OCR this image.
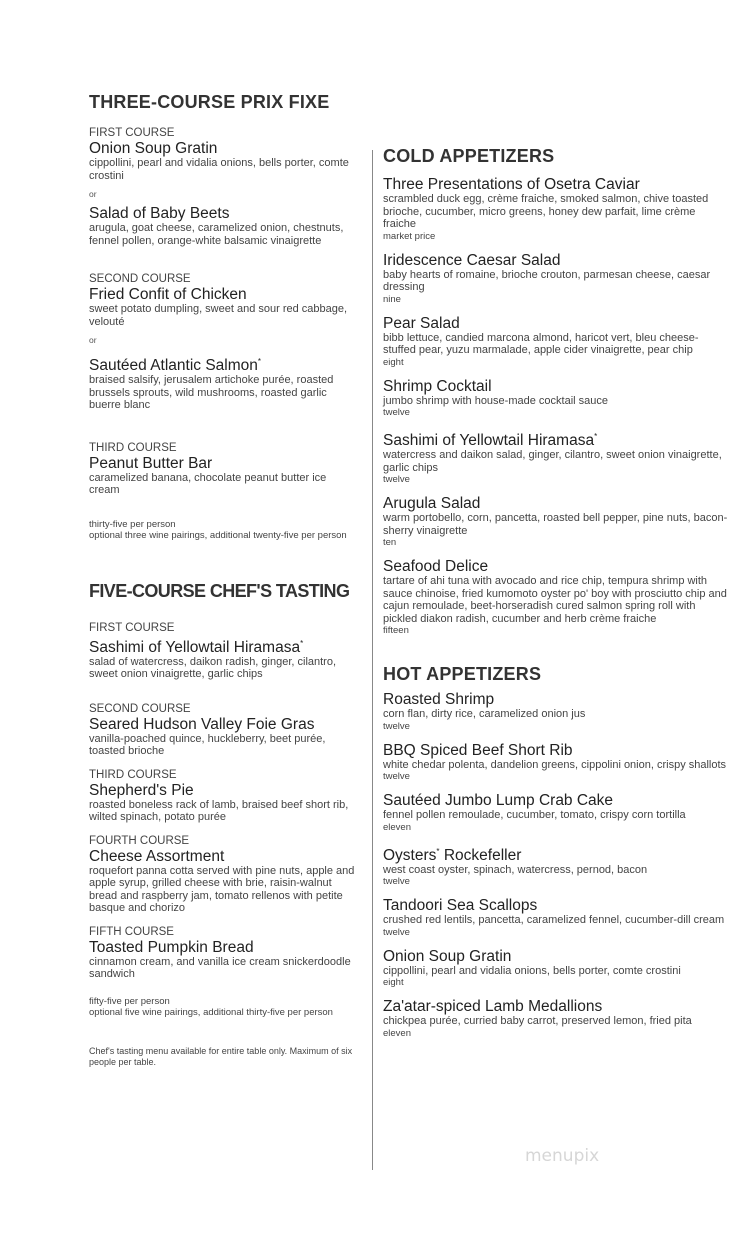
THREE-COURSE PRIX FIXE
FIRST COURSE
Onion Soup Gratin
cippollini, pearl and vidalia onions, bells porter, comte crostini
or
Salad of Baby Beets
arugula, goat cheese, caramelized onion, chestnuts, fennel pollen, orange-white balsamic vinaigrette
SECOND COURSE
Fried Confit of Chicken
sweet potato dumpling, sweet and sour red cabbage, velouté
or
Sautéed Atlantic Salmon*
braised salsify, jerusalem artichoke purée, roasted brussels sprouts, wild mushrooms, roasted garlic buerre blanc
THIRD COURSE
Peanut Butter Bar
caramelized banana, chocolate peanut butter ice cream
thirty-five per person
optional three wine pairings, additional twenty-five per person
FIVE-COURSE CHEF'S TASTING
FIRST COURSE
Sashimi of Yellowtail Hiramasa*
salad of watercress, daikon radish, ginger, cilantro, sweet onion vinaigrette, garlic chips
SECOND COURSE
Seared Hudson Valley Foie Gras
vanilla-poached quince, huckleberry, beet purée, toasted brioche
THIRD COURSE
Shepherd's Pie
roasted boneless rack of lamb, braised beef short rib, wilted spinach, potato purée
FOURTH COURSE
Cheese Assortment
roquefort panna cotta served with pine nuts, apple and apple syrup, grilled cheese with brie, raisin-walnut bread and raspberry jam, tomato rellenos with petite basque and chorizo
FIFTH COURSE
Toasted Pumpkin Bread
cinnamon cream, and vanilla ice cream snickerdoodle sandwich
fifty-five per person
optional five wine pairings, additional thirty-five per person
Chef's tasting menu available for entire table only. Maximum of six people per table.
COLD APPETIZERS
Three Presentations of Osetra Caviar
scrambled duck egg, crème fraiche, smoked salmon, chive toasted brioche, cucumber, micro greens, honey dew parfait, lime crème fraiche
market price
Iridescence Caesar Salad
baby hearts of romaine, brioche crouton, parmesan cheese, caesar dressing
nine
Pear Salad
bibb lettuce, candied marcona almond, haricot vert, bleu cheese-stuffed pear, yuzu marmalade, apple cider vinaigrette, pear chip
eight
Shrimp Cocktail
jumbo shrimp with house-made cocktail sauce
twelve
Sashimi of Yellowtail Hiramasa*
watercress and daikon salad, ginger, cilantro, sweet onion vinaigrette, garlic chips
twelve
Arugula Salad
warm portobello, corn, pancetta, roasted bell pepper, pine nuts, bacon-sherry vinaigrette
ten
Seafood Delice
tartare of ahi tuna with avocado and rice chip, tempura shrimp with sauce chinoise, fried kumomoto oyster po' boy with prosciutto chip and cajun remoulade, beet-horseradish cured salmon spring roll with pickled diakon radish, cucumber and herb crème fraiche
fifteen
HOT APPETIZERS
Roasted Shrimp
corn flan, dirty rice, caramelized onion jus
twelve
BBQ Spiced Beef Short Rib
white chedar polenta, dandelion greens, cippolini onion, crispy shallots
twelve
Sautéed Jumbo Lump Crab Cake
fennel pollen remoulade, cucumber, tomato, crispy corn tortilla
eleven
Oysters* Rockefeller
west coast oyster, spinach, watercress, pernod, bacon
twelve
Tandoori Sea Scallops
crushed red lentils, pancetta, caramelized fennel, cucumber-dill cream
twelve
Onion Soup Gratin
cippollini, pearl and vidalia onions, bells porter, comte crostini
eight
Za'atar-spiced Lamb Medallions
chickpea purée, curried baby carrot, preserved lemon, fried pita
eleven
menupix
